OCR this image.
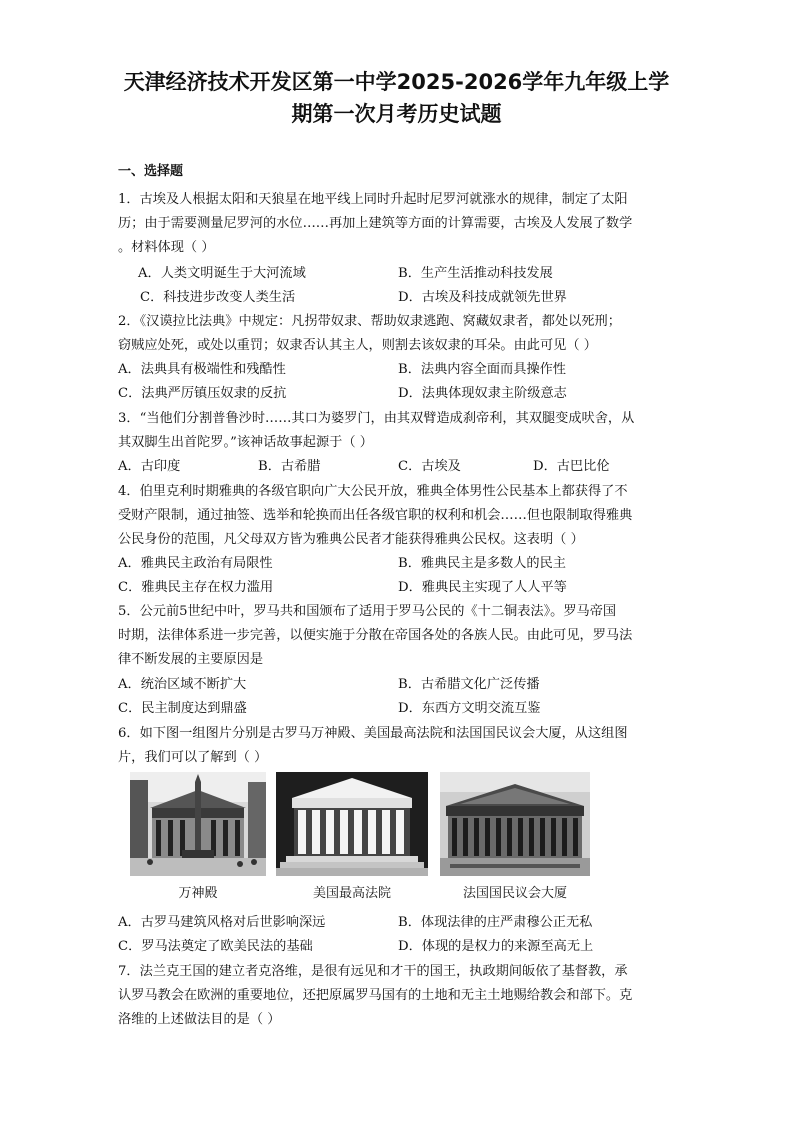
天津经济技术开发区第一中学2025-2026学年九年级上学
期第一次月考历史试题
一、选择题

1．古埃及人根据太阳和天狼星在地平线上同时升起时尼罗河就涨水的规律，制定了太阳

历；由于需要测量尼罗河的水位……再加上建筑等方面的计算需要，古埃及人发展了数学

。材料体现（ ）

A．人类文明诞生于大河流域	B．生产生活推动科技发展
C．科技进步改变人类生活	D．古埃及科技成就领先世界

2．《汉谟拉比法典》中规定：凡拐带奴隶、帮助奴隶逃跑、窝藏奴隶者，都处以死刑；

窃贼应处死，或处以重罚；奴隶否认其主人，则割去该奴隶的耳朵。由此可见（ ）

A．法典具有极端性和残酷性	B．法典内容全面而具操作性
C．法典严厉镇压奴隶的反抗	D．法典体现奴隶主阶级意志

3．“当他们分割普鲁沙时……其口为婆罗门，由其双臂造成刹帝利，其双腿变成吠舍，从

其双脚生出首陀罗。”该神话故事起源于（ ）

A．古印度	B．古希腊	C．古埃及	D．古巴比伦

4．伯里克利时期雅典的各级官职向广大公民开放，雅典全体男性公民基本上都获得了不

受财产限制，通过抽签、选举和轮换而出任各级官职的权利和机会……但也限制取得雅典

公民身份的范围，凡父母双方皆为雅典公民者才能获得雅典公民权。这表明（ ）

A．雅典民主政治有局限性	B．雅典民主是多数人的民主
C．雅典民主存在权力滥用	D．雅典民主实现了人人平等

5．公元前5世纪中叶，罗马共和国颁布了适用于罗马公民的《十二铜表法》。罗马帝国

时期，法律体系进一步完善，以便实施于分散在帝国各处的各族人民。由此可见，罗马法

律不断发展的主要原因是

A．统治区域不断扩大	B．古希腊文化广泛传播
C．民主制度达到鼎盛	D．东西方文明交流互鉴

6．如下图一组图片分别是古罗马万神殿、美国最高法院和法国国民议会大厦，从这组图

片，我们可以了解到（ ）

万神殿	美国最高法院	法国国民议会大厦
A．古罗马建筑风格对后世影响深远	B．体现法律的庄严肃穆公正无私
C．罗马法奠定了欧美民法的基础	D．体现的是权力的来源至高无上

7．法兰克王国的建立者克洛维，是很有远见和才干的国王，执政期间皈依了基督教，承

认罗马教会在欧洲的重要地位，还把原属罗马国有的土地和无主土地赐给教会和部下。克

洛维的上述做法目的是（ ）
